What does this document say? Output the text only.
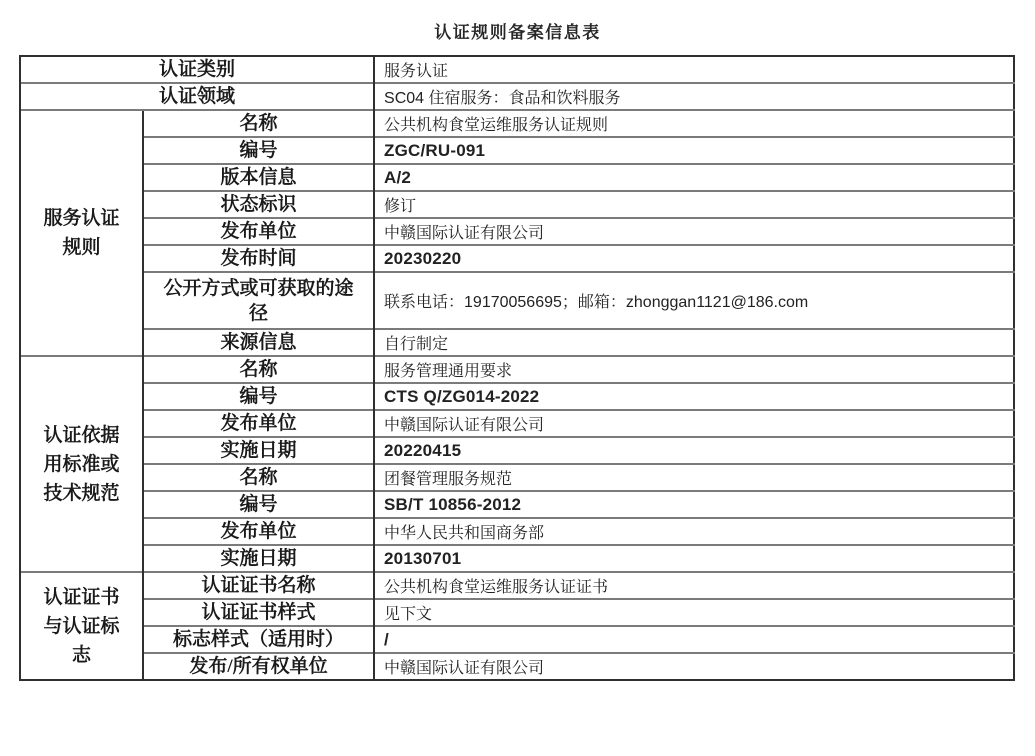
认证规则备案信息表
认证类别		服务认证
认证领域		SC04 住宿服务：食品和饮料服务
服务认证规则	名称	公共机构食堂运维服务认证规则
	编号	ZGC/RU-091
	版本信息	A/2
	状态标识	修订
	发布单位	中赣国际认证有限公司
	发布时间	20230220
	公开方式或可获取的途径	联系电话：19170056695；邮箱：zhonggan1121@186.com
	来源信息	自行制定
认证依据用标准或技术规范	名称	服务管理通用要求
	编号	CTS Q/ZG014-2022
	发布单位	中赣国际认证有限公司
	实施日期	20220415
	名称	团餐管理服务规范
	编号	SB/T 10856-2012
	发布单位	中华人民共和国商务部
	实施日期	20130701
认证证书与认证标志	认证证书名称	公共机构食堂运维服务认证证书
	认证证书样式	见下文
	标志样式（适用时）	/
	发布/所有权单位	中赣国际认证有限公司
